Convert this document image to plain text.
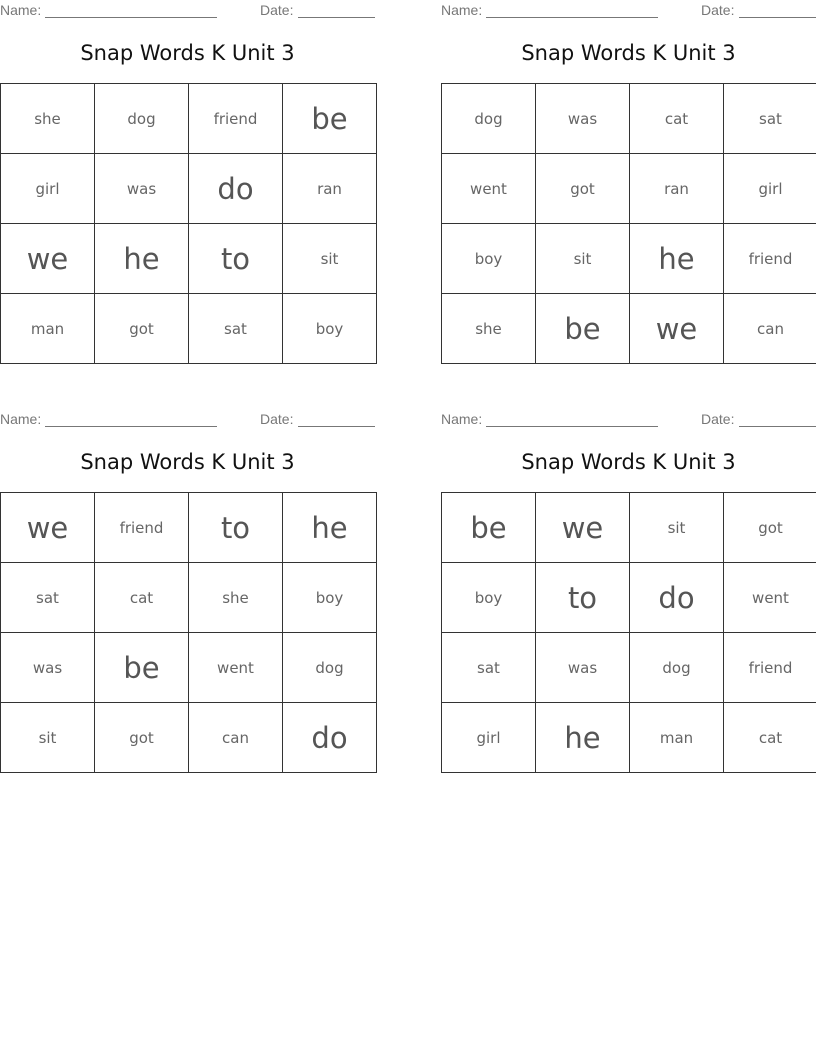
Name:	Date:
Snap Words K Unit 3
she	dog	friend	be
girl	was	do	ran
we	he	to	sit
man	got	sat	boy
Name:	Date:
Snap Words K Unit 3
dog	was	cat	sat
went	got	ran	girl
boy	sit	he	friend
she	be	we	can
Name:	Date:
Snap Words K Unit 3
we	friend	to	he
sat	cat	she	boy
was	be	went	dog
sit	got	can	do
Name:	Date:
Snap Words K Unit 3
be	we	sit	got
boy	to	do	went
sat	was	dog	friend
girl	he	man	cat
